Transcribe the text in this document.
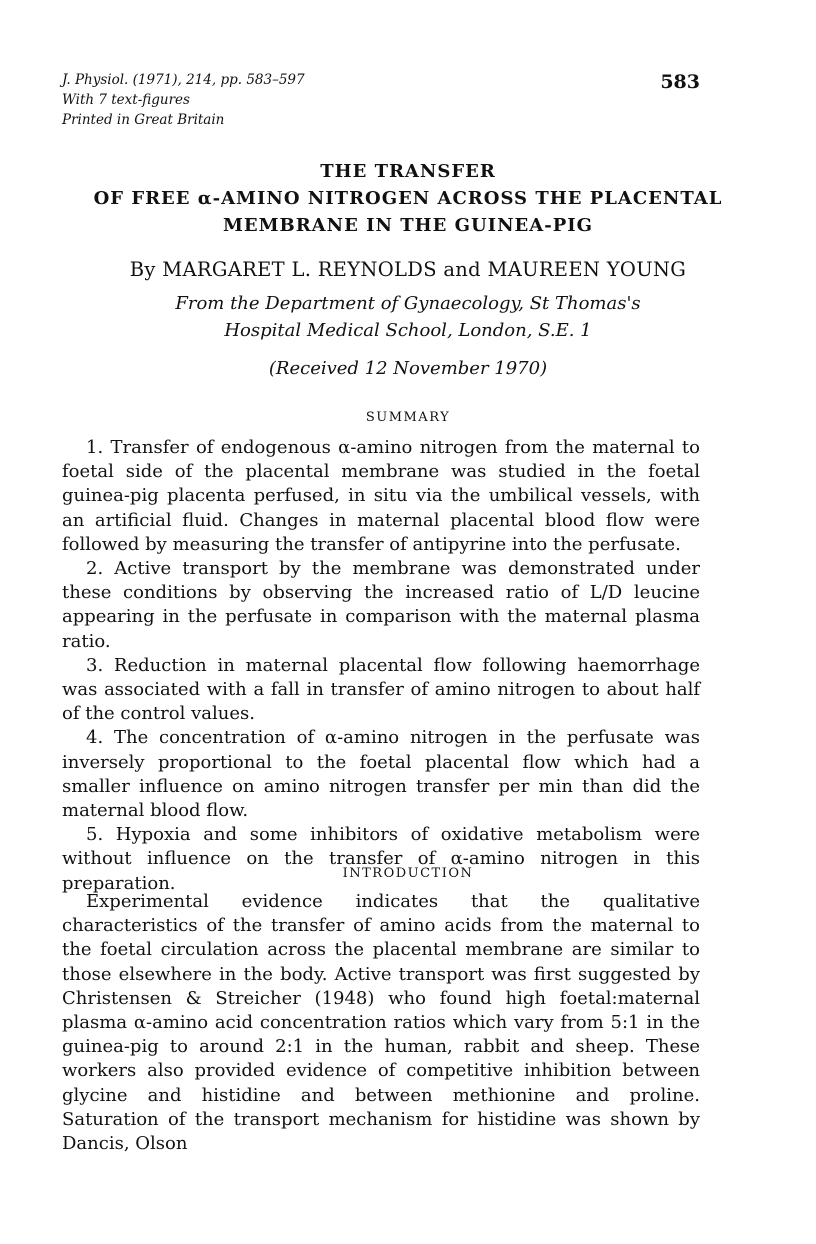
J. Physiol. (1971), 214, pp. 583–597
With 7 text-figures
Printed in Great Britain
583
THE TRANSFER
OF FREE α-AMINO NITROGEN ACROSS THE PLACENTAL
MEMBRANE IN THE GUINEA-PIG
By MARGARET L. REYNOLDS and MAUREEN YOUNG
From the Department of Gynaecology, St Thomas's
Hospital Medical School, London, S.E. 1
(Received 12 November 1970)
SUMMARY

1. Transfer of endogenous α-amino nitrogen from the maternal to foetal side of the placental membrane was studied in the foetal guinea-pig placenta perfused, in situ via the umbilical vessels, with an artificial fluid. Changes in maternal placental blood flow were followed by measuring the transfer of antipyrine into the perfusate.

2. Active transport by the membrane was demonstrated under these conditions by observing the increased ratio of L/D leucine appearing in the perfusate in comparison with the maternal plasma ratio.

3. Reduction in maternal placental flow following haemorrhage was associated with a fall in transfer of amino nitrogen to about half of the control values.

4. The concentration of α-amino nitrogen in the perfusate was inversely proportional to the foetal placental flow which had a smaller influence on amino nitrogen transfer per min than did the maternal blood flow.

5. Hypoxia and some inhibitors of oxidative metabolism were without influence on the transfer of α-amino nitrogen in this preparation.	INTRODUCTION

Experimental evidence indicates that the qualitative characteristics of the transfer of amino acids from the maternal to the foetal circulation across the placental membrane are similar to those elsewhere in the body. Active transport was first suggested by Christensen & Streicher (1948) who found high foetal:maternal plasma α-amino acid concentration ratios which vary from 5:1 in the guinea-pig to around 2:1 in the human, rabbit and sheep. These workers also provided evidence of competitive inhibition between glycine and histidine and between methionine and proline. Saturation of the transport mechanism for histidine was shown by Dancis, Olson
